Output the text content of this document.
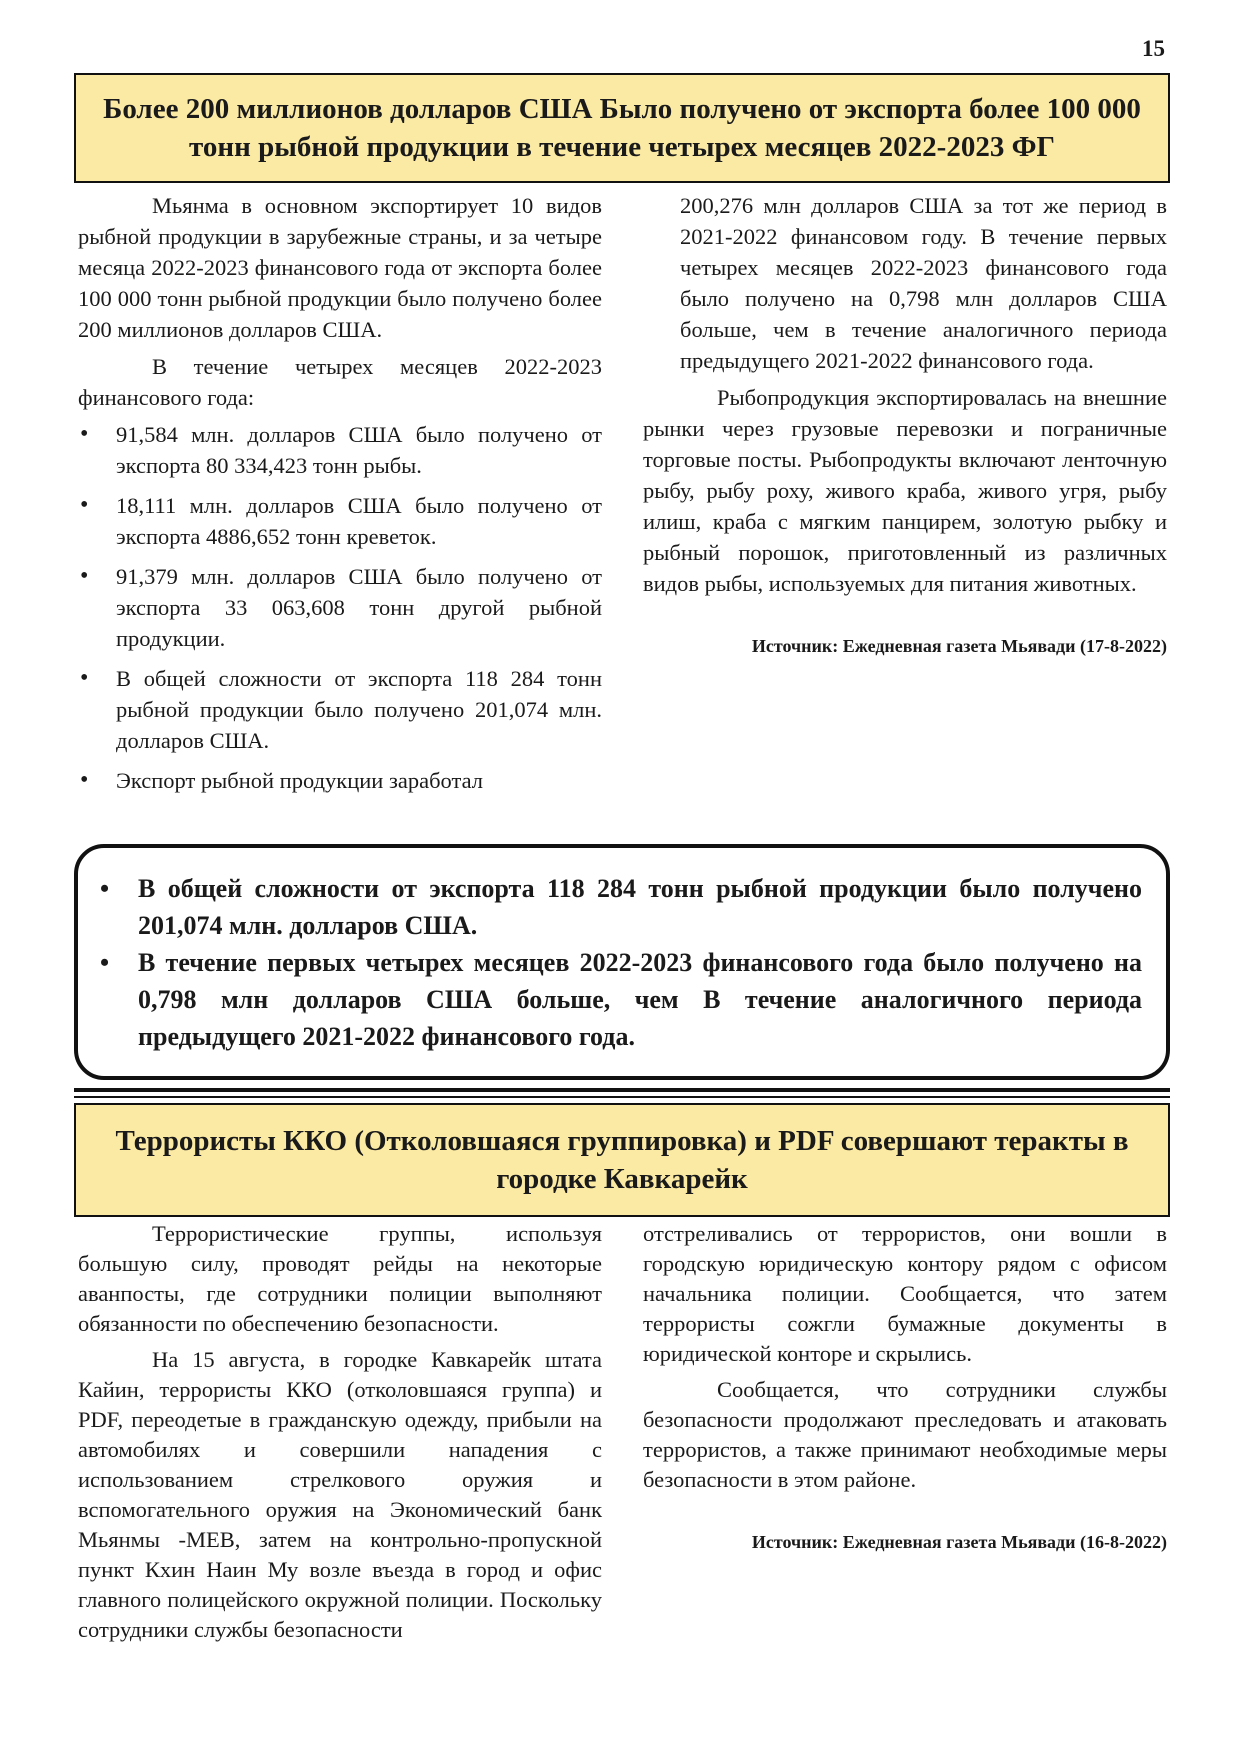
15
Более 200 миллионов долларов США Было получено от экспорта более 100 000 тонн рыбной продукции в течение четырех месяцев 2022-2023 ФГ

Мьянма в основном экспортирует 10 видов рыбной продукции в зарубежные страны, и за четыре месяца 2022-2023 финансового года от экспорта более 100 000 тонн рыбной продукции было получено более 200 миллионов долларов США.

В течение четырех месяцев 2022-2023 финансового года:

• 91,584 млн. долларов США было получено от экспорта 80 334,423 тонн рыбы.
• 18,111 млн. долларов США было получено от экспорта 4886,652 тонн креветок.
• 91,379 млн. долларов США было получено от экспорта 33 063,608 тонн другой рыбной продукции.
• В общей сложности от экспорта 118 284 тонн рыбной продукции было получено 201,074 млн. долларов США.
• Экспорт рыбной продукции заработал

200,276 млн долларов США за тот же период в 2021-2022 финансовом году. В течение первых четырех месяцев 2022-2023 финансового года было получено на 0,798 млн долларов США больше, чем в течение аналогичного периода предыдущего 2021-2022 финансового года.

Рыбопродукция экспортировалась на внешние рынки через грузовые перевозки и пограничные торговые посты. Рыбопродукты включают ленточную рыбу, рыбу роху, живого краба, живого угря, рыбу илиш, краба с мягким панцирем, золотую рыбку и рыбный порошок, приготовленный из различных видов рыбы, используемых для питания животных.

Источник: Ежедневная газета Мьявади (17-8-2022)
• В общей сложности от экспорта 118 284 тонн рыбной продукции было получено 201,074 млн. долларов США.
• В течение первых четырех месяцев 2022-2023 финансового года было получено на 0,798 млн долларов США больше, чем В течение аналогичного периода предыдущего 2021-2022 финансового года.
Террористы ККО (Отколовшаяся группировка) и PDF совершают теракты в городке Кавкарейк

Террористические группы, используя большую силу, проводят рейды на некоторые аванпосты, где сотрудники полиции выполняют обязанности по обеспечению безопасности.

На 15 августа, в городке Кавкарейк штата Кайин, террористы ККО (отколовшаяся группа) и PDF, переодетые в гражданскую одежду, прибыли на автомобилях и совершили нападения с использованием стрелкового оружия и вспомогательного оружия на Экономический банк Мьянмы -МЕВ, затем на контрольно-пропускной пункт Кхин Наин Му возле въезда в город и офис главного полицейского окружной полиции. Поскольку сотрудники службы безопасности

отстреливались от террористов, они вошли в городскую юридическую контору рядом с офисом начальника полиции. Сообщается, что затем террористы сожгли бумажные документы в юридической конторе и скрылись.

Сообщается, что сотрудники службы безопасности продолжают преследовать и атаковать террористов, а также принимают необходимые меры безопасности в этом районе.

Источник: Ежедневная газета Мьявади (16-8-2022)
